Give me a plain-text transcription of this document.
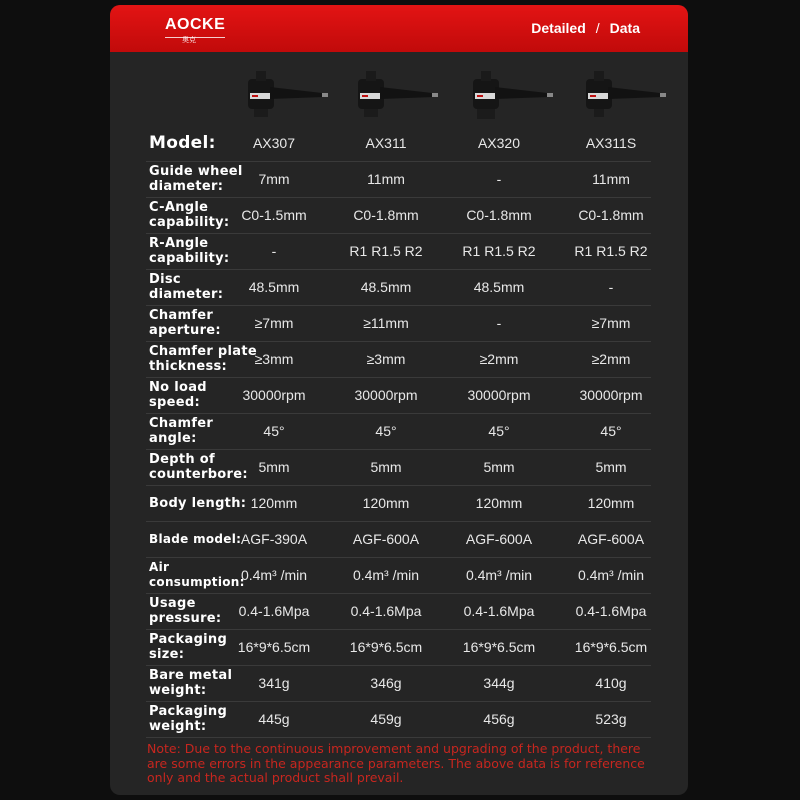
AOCKE
奥克
Detailed / Data
Model:	AX307	AX311	AX320	AX311S
Guide wheel diameter:	7mm	11mm	-	11mm
C-Angle capability: C0-1.5mm	C0-1.8mm	C0-1.8mm	C0-1.8mm
R-Angle capability:	-	R1 R1.5 R2	R1 R1.5 R2	R1 R1.5 R2
Disc diameter:	48.5mm	48.5mm	48.5mm	-
Chamfer aperture:	≥7mm	≥11mm	-	≥7mm
Chamfer plate thickness:	≥3mm	≥3mm	≥2mm	≥2mm
No load speed:	30000rpm	30000rpm	30000rpm	30000rpm
Chamfer angle:	45°	45°	45°	45°
Depth of counterbore: 5mm	5mm	5mm	5mm
Body length: 120mm	120mm	120mm	120mm
Blade model: AGF-390A	AGF-600A	AGF-600A	AGF-600A
Air consumption:
0.4m³ /min	0.4m³ /min	0.4m³ /min	0.4m³ /min
Usage pressure:	0.4-1.6Mpa	0.4-1.6Mpa	0.4-1.6Mpa	0.4-1.6Mpa
Packaging size:	16*9*6.5cm	16*9*6.5cm	16*9*6.5cm	16*9*6.5cm
Bare metal weight:	341g	346g	344g	410g
Packaging weight:	445g	459g	456g	523g
Note: Due to the continuous improvement and upgrading of the product, there are some errors in the appearance parameters. The above data is for reference only and the actual product shall prevail.
